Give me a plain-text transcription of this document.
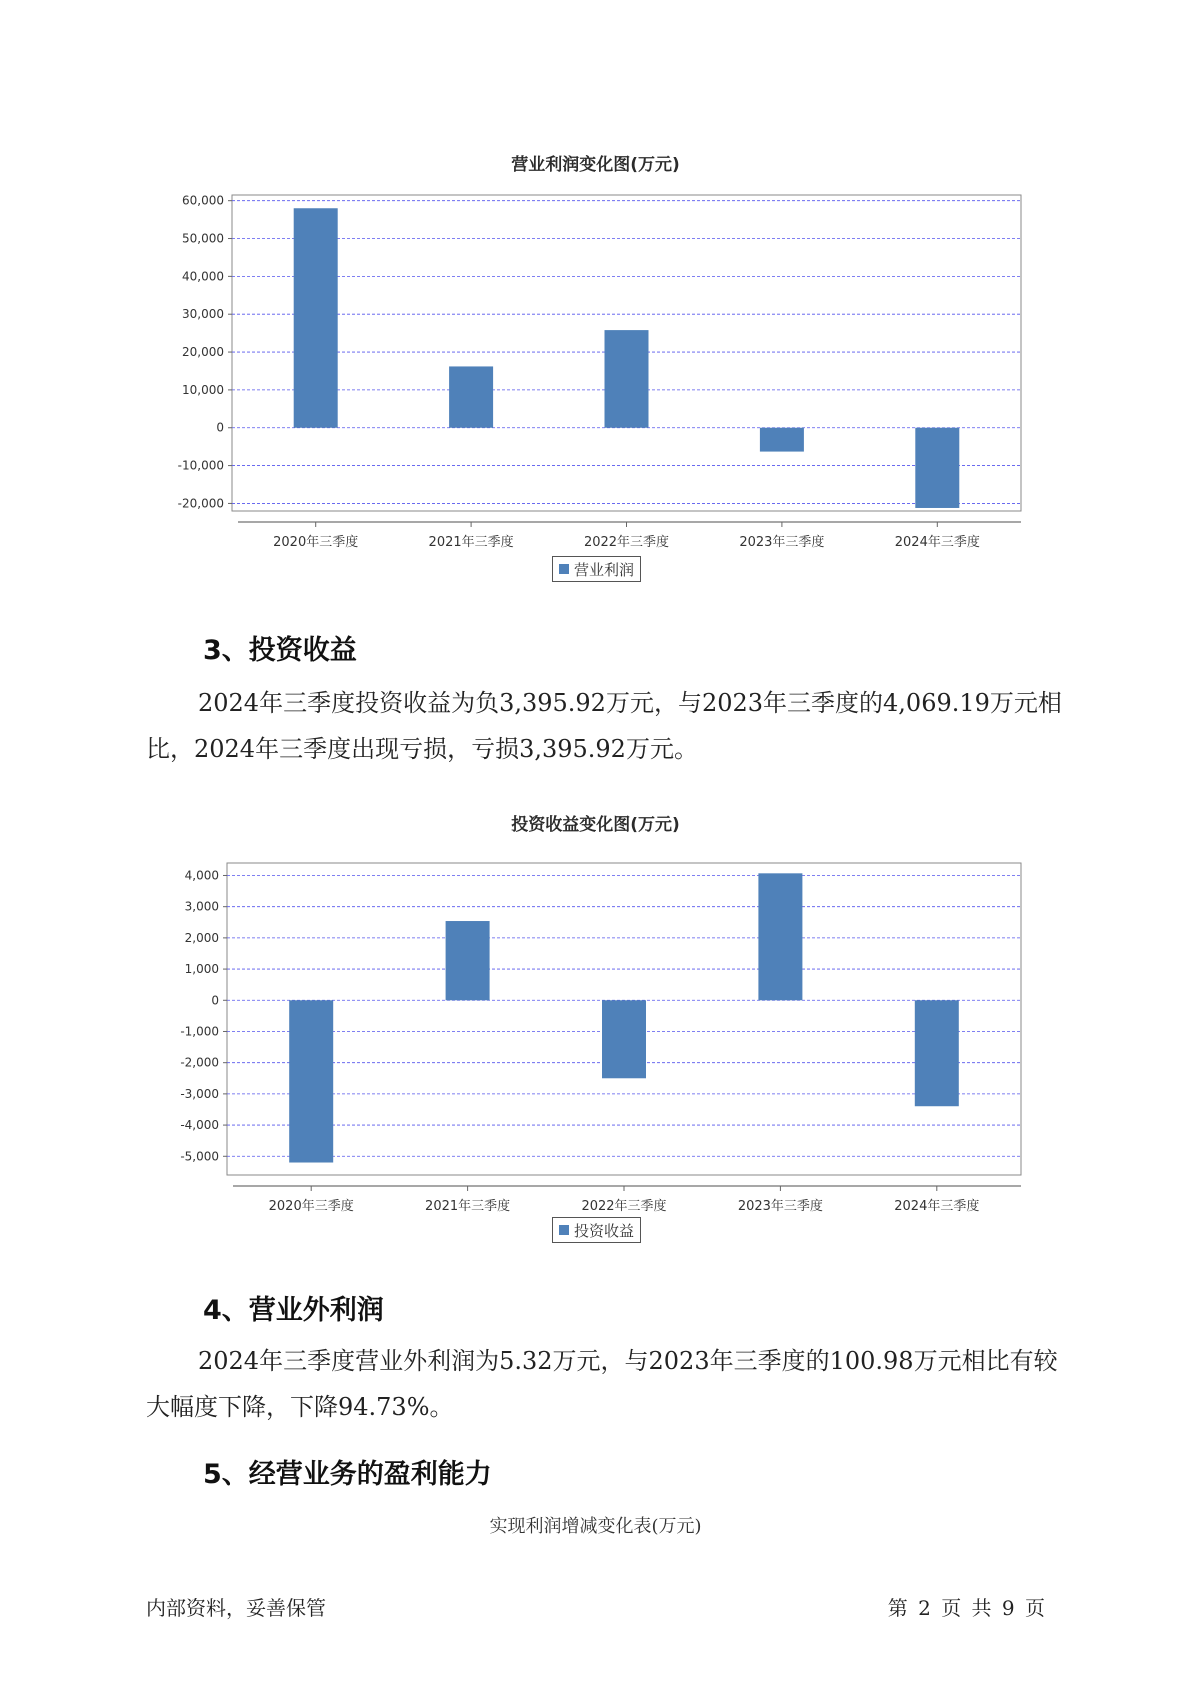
营业利润变化图(万元)
60,000
50,000
40,000
30,000
20,000
10,000
0
-10,000
-20,000
2020年三季度	2021年三季度	2022年三季度	2023年三季度	2024年三季度
营业利润
3、投资收益

2024年三季度投资收益为负3,395.92万元，与2023年三季度的4,069.19万元相比，2024年三季度出现亏损，亏损3,395.92万元。

投资收益变化图(万元)
4,000
3,000
2,000
1,000
0
-1,000
-2,000
-3,000
-4,000
-5,000
2020年三季度	2021年三季度	2022年三季度	2023年三季度	2024年三季度
投资收益
4、营业外利润

2024年三季度营业外利润为5.32万元，与2023年三季度的100.98万元相比有较大幅度下降，下降94.73%。

5、经营业务的盈利能力
实现利润增减变化表(万元)
内部资料，妥善保管	第 2 页 共 9 页
